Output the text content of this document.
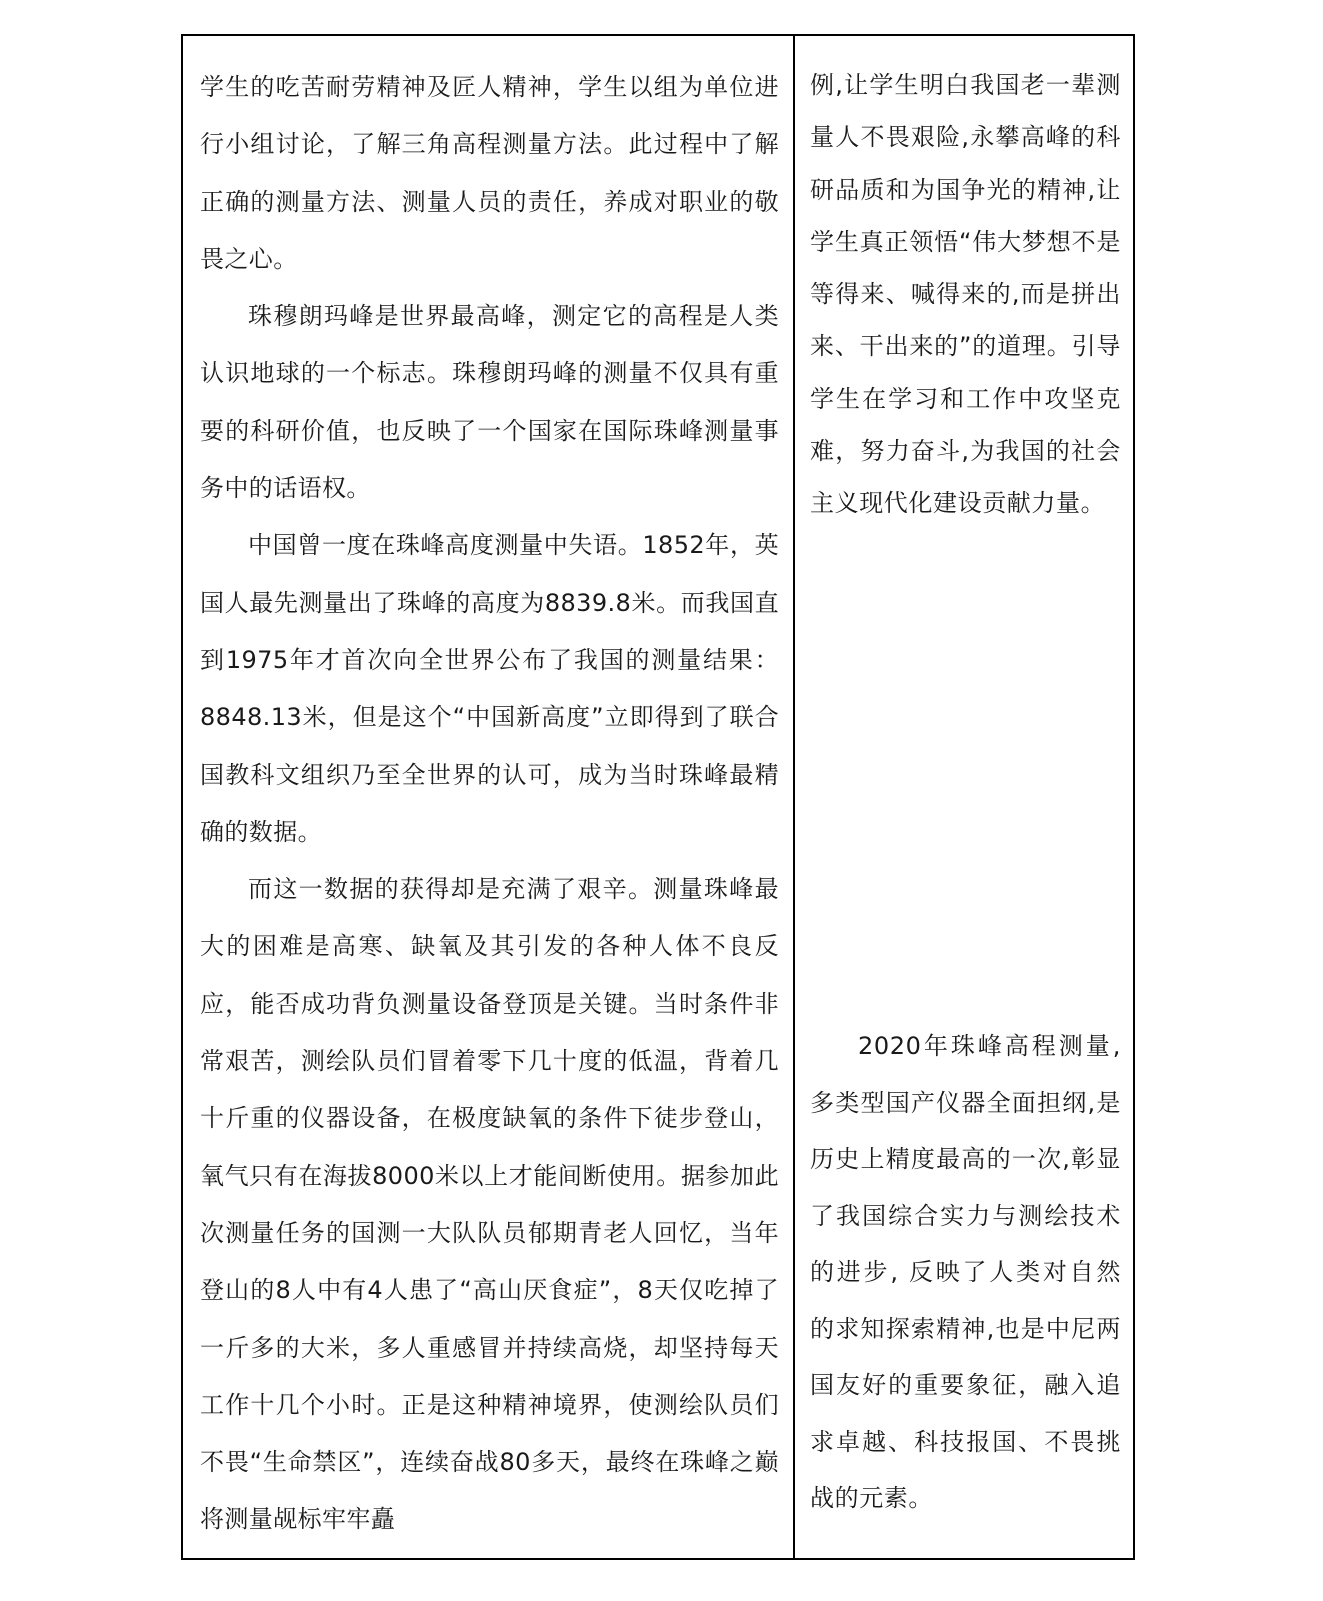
学生的吃苦耐劳精神及匠人精神，学生以组为单位进行小组讨论，了解三角高程测量方法。此过程中了解正确的测量方法、测量人员的责任，养成对职业的敬畏之心。

珠穆朗玛峰是世界最高峰，测定它的高程是人类认识地球的一个标志。珠穆朗玛峰的测量不仅具有重要的科研价值，也反映了一个国家在国际珠峰测量事务中的话语权。

中国曾一度在珠峰高度测量中失语。1852年，英国人最先测量出了珠峰的高度为8839.8米。而我国直到1975年才首次向全世界公布了我国的测量结果：8848.13米，但是这个“中国新高度”立即得到了联合国教科文组织乃至全世界的认可，成为当时珠峰最精确的数据。

而这一数据的获得却是充满了艰辛。测量珠峰最大的困难是高寒、缺氧及其引发的各种人体不良反应，能否成功背负测量设备登顶是关键。当时条件非常艰苦，测绘队员们冒着零下几十度的低温，背着几十斤重的仪器设备，在极度缺氧的条件下徒步登山，氧气只有在海拔8000米以上才能间断使用。据参加此次测量任务的国测一大队队员郁期青老人回忆，当年登山的8人中有4人患了“高山厌食症”，8天仅吃掉了一斤多的大米，多人重感冒并持续高烧，却坚持每天工作十几个小时。正是这种精神境界，使测绘队员们不畏“生命禁区”，连续奋战80多天，最终在珠峰之巅将测量觇标牢牢矗

例,让学生明白我国老一辈测量人不畏艰险,永攀高峰的科研品质和为国争光的精神,让学生真正领悟“伟大梦想不是等得来、喊得来的,而是拼出来、干出来的”的道理。引导学生在学习和工作中攻坚克难，努力奋斗,为我国的社会主义现代化建设贡献力量。

2020年珠峰高程测量,多类型国产仪器全面担纲,是历史上精度最高的一次,彰显了我国综合实力与测绘技术的进步, 反映了人类对自然的求知探索精神,也是中尼两国友好的重要象征，融入追求卓越、科技报国、不畏挑战的元素。
